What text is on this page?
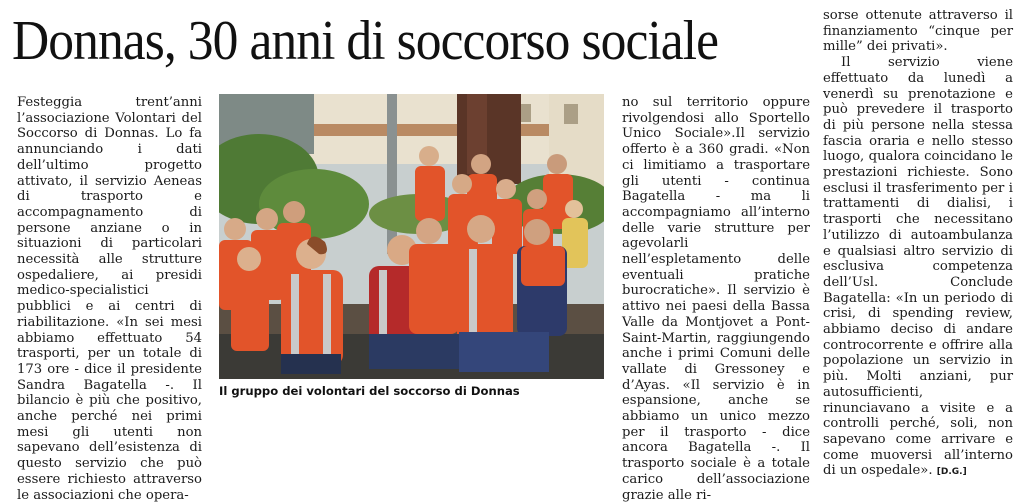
Donnas, 30 anni di soccorso sociale

Festeggia trent’anni l’associazione Volontari del Soccorso di Donnas. Lo fa annunciando i dati dell’ultimo progetto attivato, il servizio Aeneas di trasporto e accompagnamento di persone anziane o in situazioni di particolari necessità alle strutture ospedaliere, ai presidi medico-specialistici pubblici e ai centri di riabilitazione. «In sei mesi abbiamo effettuato 54 trasporti, per un totale di 173 ore - dice il presidente Sandra Bagatella -. Il bilancio è più che positivo, anche perché nei primi mesi gli utenti non sapevano dell’esistenza di questo servizio che può essere richiesto attraverso le associazioni che opera-

Il gruppo dei volontari del soccorso di Donnas

no sul territorio oppure rivolgendosi allo Sportello Unico Sociale».Il servizio offerto è a 360 gradi. «Non ci limitiamo a trasportare gli utenti - continua Bagatella - ma li accompagniamo all’interno delle varie strutture per agevolarli nell’espletamento delle eventuali pratiche burocratiche». Il servizio è attivo nei paesi della Bassa Valle da Montjovet a Pont-Saint-Martin, raggiungendo anche i primi Comuni delle vallate di Gressoney e d’Ayas. «Il servizio è in espansione, anche se abbiamo un unico mezzo per il trasporto - dice ancora Bagatella -. Il trasporto sociale è a totale carico dell’associazione grazie alle ri-

sorse ottenute attraverso il finanziamento “cinque per mille” dei privati».

Il servizio viene effettuato da lunedì a venerdì su prenotazione e può prevedere il trasporto di più persone nella stessa fascia oraria e nello stesso luogo, qualora coincidano le prestazioni richieste. Sono esclusi il trasferimento per i trattamenti di dialisi, i trasporti che necessitano l’utilizzo di autoambulanza e qualsiasi altro servizio di esclusiva competenza dell’Usl. Conclude Bagatella: «In un periodo di crisi, di spending review, abbiamo deciso di andare controcorrente e offrire alla popolazione un servizio in più. Molti anziani, pur autosufficienti, rinunciavano a visite e a controlli perché, soli, non sapevano come arrivare e come muoversi all’interno di un ospedale». [D.G.]
